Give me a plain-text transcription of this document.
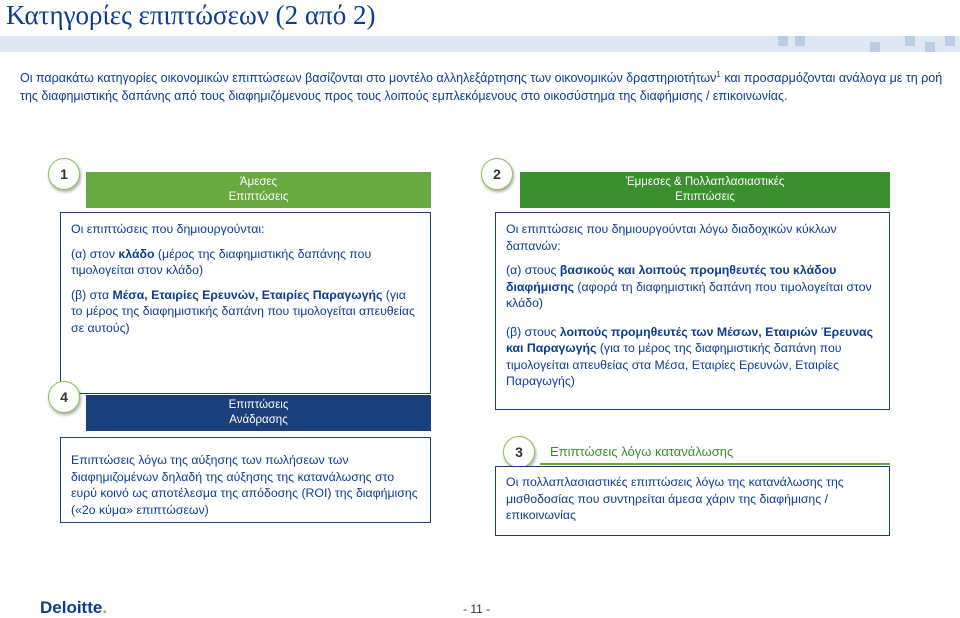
Κατηγορίες επιπτώσεων (2 από 2)

Οι παρακάτω κατηγορίες οικονομικών επιπτώσεων βασίζονται στο μοντέλο αλληλεξάρτησης των οικονομικών δραστηριοτήτων$^1$ και προσαρμόζονται ανάλογα με τη ροή της διαφημιστικής δαπάνης από τους διαφημιζόμενους προς τους λοιπούς εμπλεκόμενους στο οικοσύστημα της διαφήμισης / επικοινωνίας.

1	Άμεσες
Επιπτώσεις

Οι επιπτώσεις που δημιουργούνται:

(α) στον κλάδο (μέρος της διαφημιστικής δαπάνης που τιμολογείται στον κλάδο)

(β) στα Μέσα, Εταιρίες Ερευνών, Εταιρίες Παραγωγής (για το μέρος της διαφημιστικής δαπάνη που τιμολογείται απευθείας σε αυτούς)

4	Επιπτώσεις
Ανάδρασης

Επιπτώσεις λόγω της αύξησης των πωλήσεων των διαφημιζομένων δηλαδή της αύξησης της κατανάλωσης στο ευρύ κοινό ως αποτέλεσμα της απόδοσης (ROI) της διαφήμισης («2ο κύμα» επιπτώσεων)

2	Έμμεσες & Πολλαπλασιαστικές
Επιπτώσεις

Οι επιπτώσεις που δημιουργούνται λόγω διαδοχικών κύκλων δαπανών:

(α) στους βασικούς και λοιπούς προμηθευτές του κλάδου διαφήμισης (αφορά τη διαφημιστική δαπάνη που τιμολογείται στον κλάδο)

(β) στους λοιπούς προμηθευτές των Μέσων, Εταιριών Έρευνας και Παραγωγής (για το μέρος της διαφημιστικής δαπάνη που τιμολογείται απευθείας στα Μέσα, Εταιρίες Ερευνών, Εταιρίες Παραγωγής)

3	Επιπτώσεις λόγω κατανάλωσης

Οι πολλαπλασιαστικές επιπτώσεις λόγω της κατανάλωσης της μισθοδοσίας που συντηρείται άμεσα χάριν της διαφήμισης / επικοινωνίας

Deloitte.	- 11 -
